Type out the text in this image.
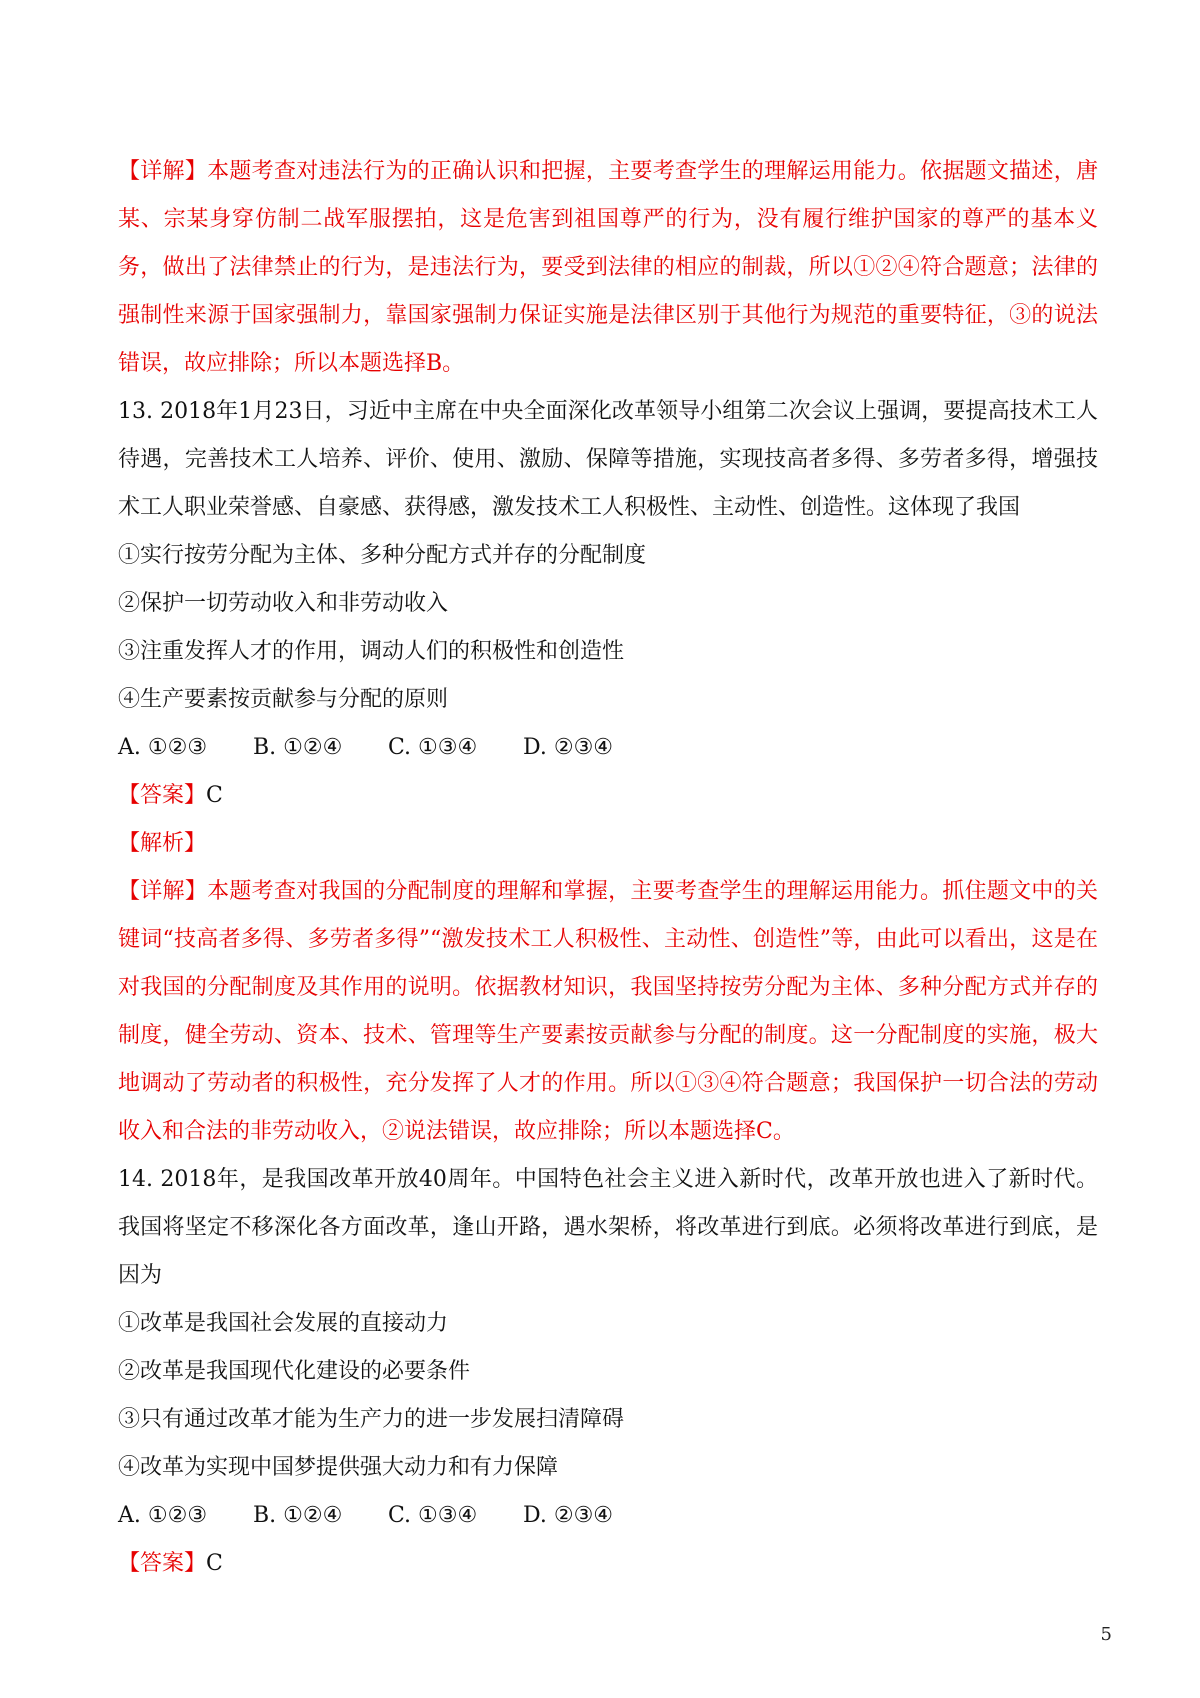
【详解】本题考查对违法行为的正确认识和把握，主要考查学生的理解运用能力。依据题文描述，唐某、宗某身穿仿制二战军服摆拍，这是危害到祖国尊严的行为，没有履行维护国家的尊严的基本义务，做出了法律禁止的行为，是违法行为，要受到法律的相应的制裁，所以①②④符合题意；法律的强制性来源于国家强制力，靠国家强制力保证实施是法律区别于其他行为规范的重要特征，③的说法错误，故应排除；所以本题选择B。

13. 2018年1月23日，习近中主席在中央全面深化改革领导小组第二次会议上强调，要提高技术工人待遇，完善技术工人培养、评价、使用、激励、保障等措施，实现技高者多得、多劳者多得，增强技术工人职业荣誉感、自豪感、获得感，激发技术工人积极性、主动性、创造性。这体现了我国

①实行按劳分配为主体、多种分配方式并存的分配制度

②保护一切劳动收入和非劳动收入

③注重发挥人才的作用，调动人们的积极性和创造性

④生产要素按贡献参与分配的原则

A. ①②③	B. ①②④	C. ①③④	D. ②③④

【答案】C

【解析】

【详解】本题考查对我国的分配制度的理解和掌握，主要考查学生的理解运用能力。抓住题文中的关键词“技高者多得、多劳者多得”“激发技术工人积极性、主动性、创造性”等，由此可以看出，这是在对我国的分配制度及其作用的说明。依据教材知识，我国坚持按劳分配为主体、多种分配方式并存的制度，健全劳动、资本、技术、管理等生产要素按贡献参与分配的制度。这一分配制度的实施，极大地调动了劳动者的积极性，充分发挥了人才的作用。所以①③④符合题意；我国保护一切合法的劳动收入和合法的非劳动收入，②说法错误，故应排除；所以本题选择C。

14. 2018年，是我国改革开放40周年。中国特色社会主义进入新时代，改革开放也进入了新时代。我国将坚定不移深化各方面改革，逢山开路，遇水架桥，将改革进行到底。必须将改革进行到底，是因为

①改革是我国社会发展的直接动力

②改革是我国现代化建设的必要条件

③只有通过改革才能为生产力的进一步发展扫清障碍

④改革为实现中国梦提供强大动力和有力保障

A. ①②③	B. ①②④	C. ①③④	D. ②③④

【答案】C

5
